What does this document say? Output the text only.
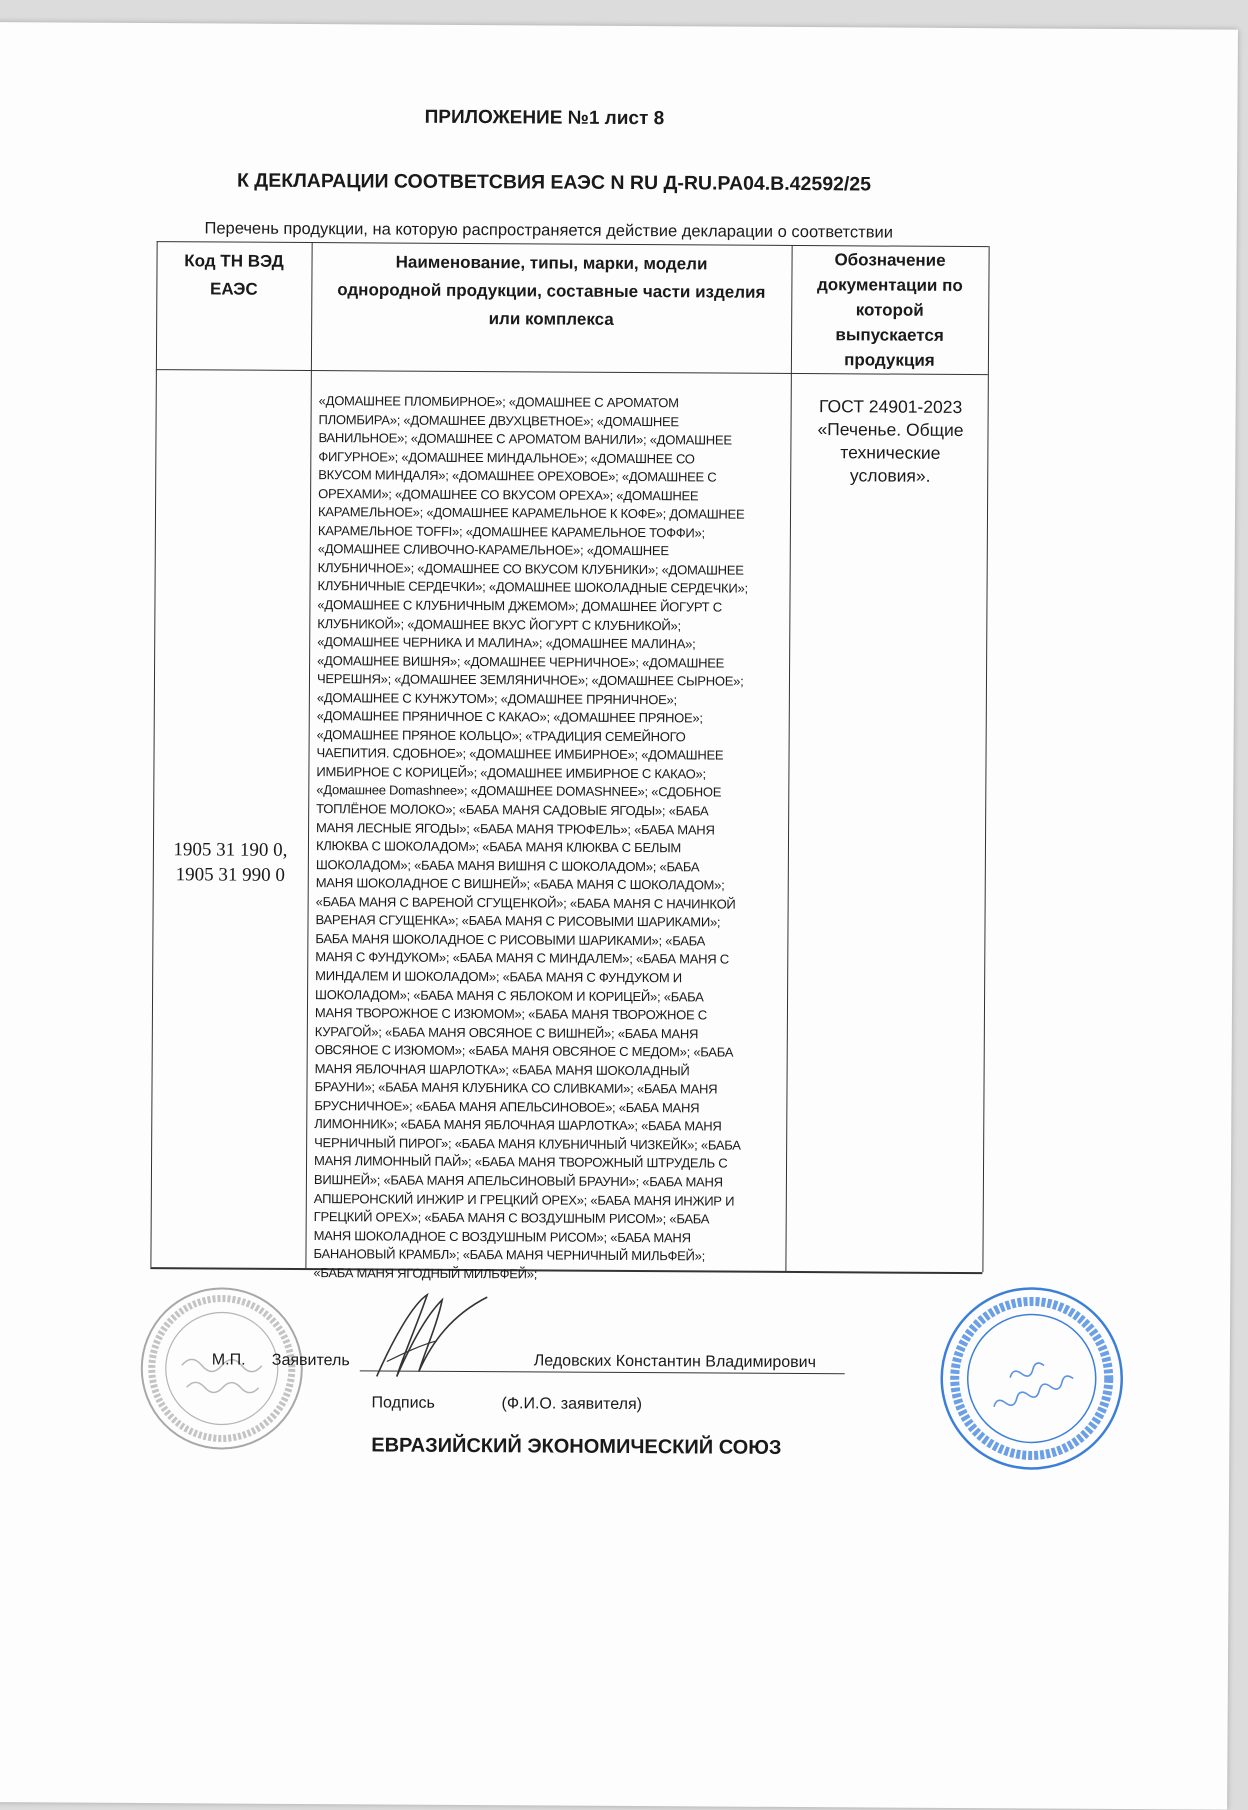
ПРИЛОЖЕНИЕ №1 лист 8
К ДЕКЛАРАЦИИ СООТВЕТСВИЯ ЕАЭС N RU Д-RU.PA04.B.42592/25
Перечень продукции, на которую распространяется действие декларации о соответствии
Код ТН ВЭД
ЕАЭС
Наименование, типы, марки, модели
однородной продукции, составные части изделия
или комплекса
Обозначение
документации по
которой
выпускается
продукция
1905 31 190 0,
1905 31 990 0
«ДОМАШНЕЕ ПЛОМБИРНОЕ»; «ДОМАШНЕЕ С АРОМАТОМ
ПЛОМБИРА»; «ДОМАШНЕЕ ДВУХЦВЕТНОЕ»; «ДОМАШНЕЕ
ВАНИЛЬНОЕ»; «ДОМАШНЕЕ С АРОМАТОМ ВАНИЛИ»; «ДОМАШНЕЕ
ФИГУРНОЕ»; «ДОМАШНЕЕ МИНДАЛЬНОЕ»; «ДОМАШНЕЕ СО
ВКУСОМ МИНДАЛЯ»; «ДОМАШНЕЕ ОРЕХОВОЕ»; «ДОМАШНЕЕ С
ОРЕХАМИ»; «ДОМАШНЕЕ СО ВКУСОМ ОРЕХА»; «ДОМАШНЕЕ
КАРАМЕЛЬНОЕ»; «ДОМАШНЕЕ КАРАМЕЛЬНОЕ К КОФЕ»; ДОМАШНЕЕ
КАРАМЕЛЬНОЕ TOFFI»; «ДОМАШНЕЕ КАРАМЕЛЬНОЕ ТОФФИ»;
«ДОМАШНЕЕ СЛИВОЧНО-КАРАМЕЛЬНОЕ»; «ДОМАШНЕЕ
КЛУБНИЧНОЕ»; «ДОМАШНЕЕ СО ВКУСОМ КЛУБНИКИ»; «ДОМАШНЕЕ
КЛУБНИЧНЫЕ СЕРДЕЧКИ»; «ДОМАШНЕЕ ШОКОЛАДНЫЕ СЕРДЕЧКИ»;
«ДОМАШНЕЕ С КЛУБНИЧНЫМ ДЖЕМОМ»; ДОМАШНЕЕ ЙОГУРТ С
КЛУБНИКОЙ»; «ДОМАШНЕЕ ВКУС ЙОГУРТ С КЛУБНИКОЙ»;
«ДОМАШНЕЕ ЧЕРНИКА И МАЛИНА»; «ДОМАШНЕЕ МАЛИНА»;
«ДОМАШНЕЕ ВИШНЯ»; «ДОМАШНЕЕ ЧЕРНИЧНОЕ»; «ДОМАШНЕЕ
ЧЕРЕШНЯ»; «ДОМАШНЕЕ ЗЕМЛЯНИЧНОЕ»; «ДОМАШНЕЕ СЫРНОЕ»;
«ДОМАШНЕЕ С КУНЖУТОМ»; «ДОМАШНЕЕ ПРЯНИЧНОЕ»;
«ДОМАШНЕЕ ПРЯНИЧНОЕ С КАКАО»; «ДОМАШНЕЕ ПРЯНОЕ»;
«ДОМАШНЕЕ ПРЯНОЕ КОЛЬЦО»; «ТРАДИЦИЯ СЕМЕЙНОГО
ЧАЕПИТИЯ. СДОБНОЕ»; «ДОМАШНЕЕ ИМБИРНОЕ»; «ДОМАШНЕЕ
ИМБИРНОЕ С КОРИЦЕЙ»; «ДОМАШНЕЕ ИМБИРНОЕ С КАКАО»;
«Домашнее Domashnee»; «ДОМАШНЕЕ DOMASHNEE»; «СДОБНОЕ
ТОПЛЁНОЕ МОЛОКО»; «БАБА МАНЯ САДОВЫЕ ЯГОДЫ»; «БАБА
МАНЯ ЛЕСНЫЕ ЯГОДЫ»; «БАБА МАНЯ ТРЮФЕЛЬ»; «БАБА МАНЯ
КЛЮКВА С ШОКОЛАДОМ»; «БАБА МАНЯ КЛЮКВА С БЕЛЫМ
ШОКОЛАДОМ»; «БАБА МАНЯ ВИШНЯ С ШОКОЛАДОМ»; «БАБА
МАНЯ ШОКОЛАДНОЕ С ВИШНЕЙ»; «БАБА МАНЯ С ШОКОЛАДОМ»;
«БАБА МАНЯ С ВАРЕНОЙ СГУЩЕНКОЙ»; «БАБА МАНЯ С НАЧИНКОЙ
ВАРЕНАЯ СГУЩЕНКА»; «БАБА МАНЯ С РИСОВЫМИ ШАРИКАМИ»;
БАБА МАНЯ ШОКОЛАДНОЕ С РИСОВЫМИ ШАРИКАМИ»; «БАБА
МАНЯ С ФУНДУКОМ»; «БАБА МАНЯ С МИНДАЛЕМ»; «БАБА МАНЯ С
МИНДАЛЕМ И ШОКОЛАДОМ»; «БАБА МАНЯ С ФУНДУКОМ И
ШОКОЛАДОМ»; «БАБА МАНЯ С ЯБЛОКОМ И КОРИЦЕЙ»; «БАБА
МАНЯ ТВОРОЖНОЕ С ИЗЮМОМ»; «БАБА МАНЯ ТВОРОЖНОЕ С
КУРАГОЙ»; «БАБА МАНЯ ОВСЯНОЕ С ВИШНЕЙ»; «БАБА МАНЯ
ОВСЯНОЕ С ИЗЮМОМ»; «БАБА МАНЯ ОВСЯНОЕ С МЕДОМ»; «БАБА
МАНЯ ЯБЛОЧНАЯ ШАРЛОТКА»; «БАБА МАНЯ ШОКОЛАДНЫЙ
БРАУНИ»; «БАБА МАНЯ КЛУБНИКА СО СЛИВКАМИ»; «БАБА МАНЯ
БРУСНИЧНОЕ»; «БАБА МАНЯ АПЕЛЬСИНОВОЕ»; «БАБА МАНЯ
ЛИМОННИК»; «БАБА МАНЯ ЯБЛОЧНАЯ ШАРЛОТКА»; «БАБА МАНЯ
ЧЕРНИЧНЫЙ ПИРОГ»; «БАБА МАНЯ КЛУБНИЧНЫЙ ЧИЗКЕЙК»; «БАБА
МАНЯ ЛИМОННЫЙ ПАЙ»; «БАБА МАНЯ ТВОРОЖНЫЙ ШТРУДЕЛЬ С
ВИШНЕЙ»; «БАБА МАНЯ АПЕЛЬСИНОВЫЙ БРАУНИ»; «БАБА МАНЯ
АПШЕРОНСКИЙ ИНЖИР И ГРЕЦКИЙ ОРЕХ»; «БАБА МАНЯ ИНЖИР И
ГРЕЦКИЙ ОРЕХ»; «БАБА МАНЯ С ВОЗДУШНЫМ РИСОМ»; «БАБА
МАНЯ ШОКОЛАДНОЕ С ВОЗДУШНЫМ РИСОМ»; «БАБА МАНЯ
БАНАНОВЫЙ КРАМБЛ»; «БАБА МАНЯ ЧЕРНИЧНЫЙ МИЛЬФЕЙ»;
«БАБА МАНЯ ЯГОДНЫЙ МИЛЬФЕЙ»;
ГОСТ 24901-2023
«Печенье. Общие
технические
условия».
М.П. Заявитель	Ледовских Константин Владимирович
Подпись	(Ф.И.О. заявителя)
ЕВРАЗИЙСКИЙ ЭКОНОМИЧЕСКИЙ СОЮЗ
